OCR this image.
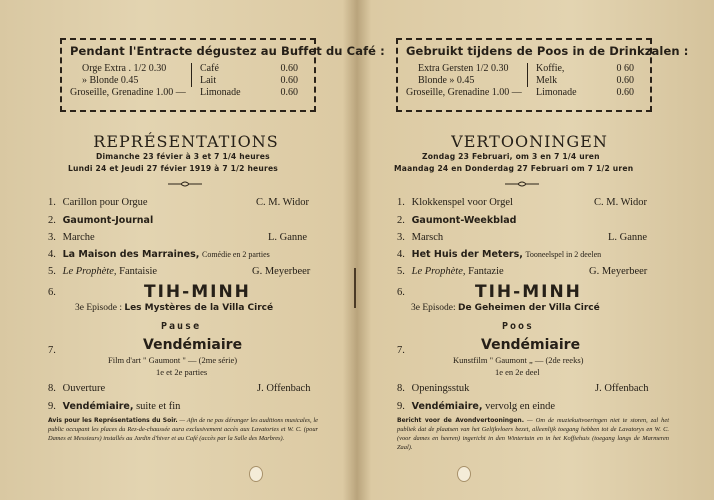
Pendant l'Entracte dégustez au Buffet du Café :
Orge Extra . 1/2 0.30	Café	0.60
» Blonde 0.45	Lait	0.60
Groseille, Grenadine 1.00 — Limonade	0.60
REPRÉSENTATIONS
Dimanche 23 févier à 3 et 7 1/4 heures
Lundi 24 et Jeudi 27 févier 1919 à 7 1/2 heures
1. Carillon pour Orgue	C. M. Widor
2. Gaumont-Journal
3. Marche	L. Ganne
4. La Maison des Marraines, Comédie en 2 parties
5. Le Prophète, Fantaisie	G. Meyerbeer
6.	TIH-MINH
3e Episode : Les Mystères de la Villa Circé
Pause
Vendémiaire
7.
Film d'art " Gaumont " — (2me série)
1e et 2e parties
8. Ouverture	J. Offenbach
9. Vendémiaire, suite et fin
Avis pour les Représentations du Soir. — Afin de ne pas déranger les auditions musicales, le public occupant les places du Rez-de-chaussée aura exclusivement accès aux Lavatories et W. C. (pour Dames et Messieurs) installés au Jardin d'hiver et au Café (accès par la Salle des Marbres).
Gebruikt tijdens de Poos in de Drinkzalen :
Extra Gersten 1/2 0.30	Koffie,	0 60
Blonde » 0.45	Melk	0.60
Groseille, Grenadine 1.00 — Limonade	0.60
VERTOONINGEN
Zondag 23 Februari, om 3 en 7 1/4 uren
Maandag 24 en Donderdag 27 Februari om 7 1/2 uren
1. Klokkenspel voor Orgel	C. M. Widor
2. Gaumont-Weekblad
3. Marsch	L. Ganne
4. Het Huis der Meters, Tooneelspel in 2 deelen
5. Le Prophète, Fantazie	G. Meyerbeer
6.	TIH-MINH
3e Episode: De Geheimen der Villa Circé
Poos
Vendémiaire
7.
Kunstfilm " Gaumont „ — (2de reeks)
1e en 2e deel
8. Openingsstuk	J. Offenbach
9. Vendémiaire, vervolg en einde
Bericht voor de Avondvertooningen. — Om de muziekuitvoeringen niet te storen, zal het publiek dat de plaatsen van het Gelijkvloers bezet, alleenlijk toegang hebben tot de Lavatorys en W. C. (voor dames en heeren) ingericht in den Wintertuin en in het Koffiehuis (toegang langs de Marmeren Zaal).
